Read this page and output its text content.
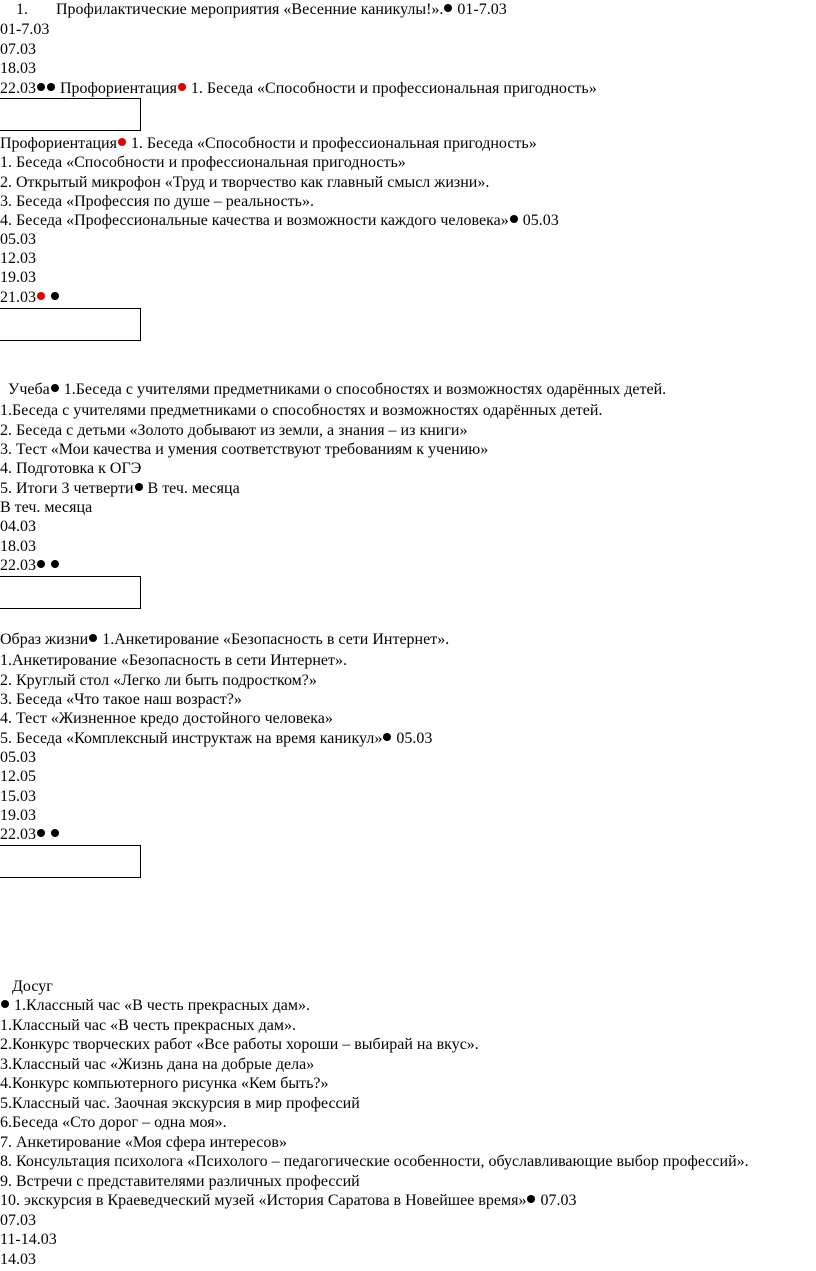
1. Профилактические мероприятия «Весенние каникулы!». 01-7.03
01-7.03
07.03
18.03
22.03 Профориентация 1. Беседа «Способности и профессиональная пригодность»
Профориентация 1. Беседа «Способности и профессиональная пригодность»
1. Беседа «Способности и профессиональная пригодность»
2. Открытый микрофон «Труд и творчество как главный смысл жизни».
3. Беседа «Профессия по душе – реальность».
4. Беседа «Профессиональные качества и возможности каждого человека» 05.03
05.03
12.03
19.03
21.03
Учеба 1.Беседа с учителями предметниками о способностях и возможностях одарённых детей.
1.Беседа с учителями предметниками о способностях и возможностях одарённых детей.
2. Беседа с детьми «Золото добывают из земли, а знания – из книги»
3. Тест «Мои качества и умения соответствуют требованиям к учению»
4. Подготовка к ОГЭ
5. Итоги 3 четверти В теч. месяца
В теч. месяца
04.03
18.03
22.03
Образ жизни 1.Анкетирование «Безопасность в сети Интернет».
1.Анкетирование «Безопасность в сети Интернет».
2. Круглый стол «Легко ли быть подростком?»
3. Беседа «Что такое наш возраст?»
4. Тест «Жизненное кредо достойного человека»
5. Беседа «Комплексный инструктаж на время каникул» 05.03
05.03
12.05
15.03
19.03
22.03
Досуг
1.Классный час «В честь прекрасных дам».
1.Классный час «В честь прекрасных дам».
2.Конкурс творческих работ «Все работы хороши – выбирай на вкус».
3.Классный час «Жизнь дана на добрые дела»
4.Конкурс компьютерного рисунка «Кем быть?»
5.Классный час. Заочная экскурсия в мир профессий
6.Беседа «Сто дорог – одна моя».
7. Анкетирование «Моя сфера интересов»
8. Консультация психолога «Психолого – педагогические особенности, обуславливающие выбор профессий».
9. Встречи с представителями различных профессий
10. экскурсия в Краеведческий музей «История Саратова в Новейшее время» 07.03
07.03
11-14.03
14.03
